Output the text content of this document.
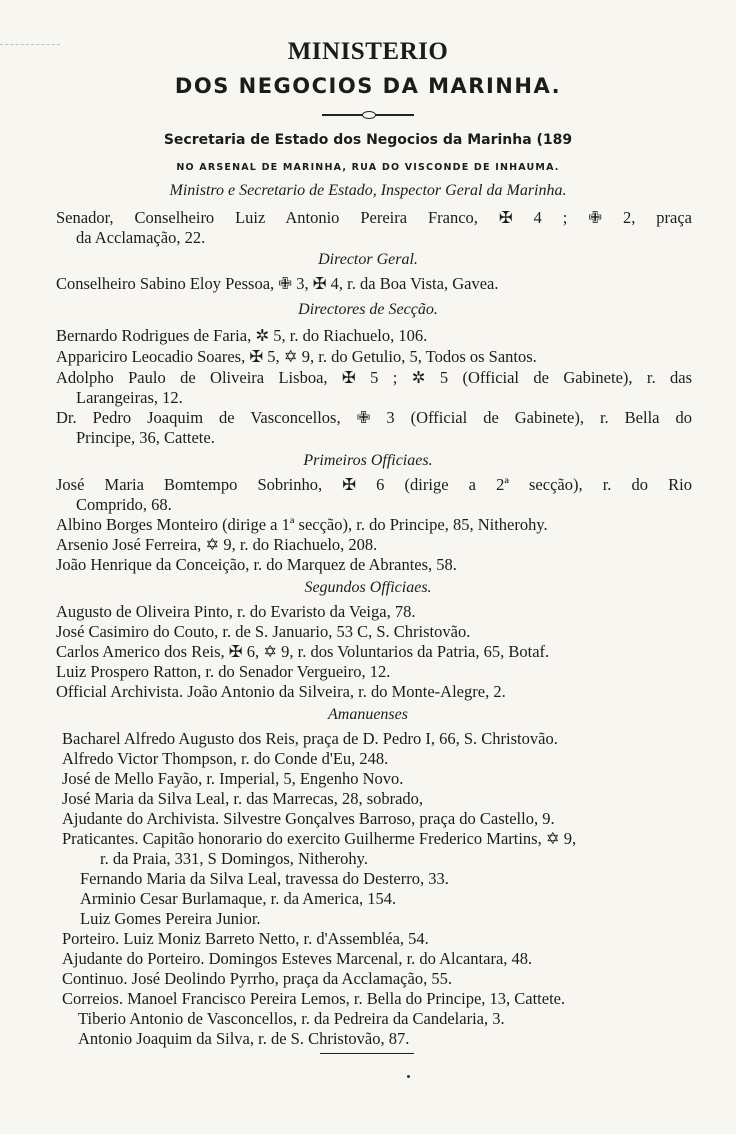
MINISTERIO
DOS NEGOCIOS DA MARINHA.
Secretaria de Estado dos Negocios da Marinha (189
NO ARSENAL DE MARINHA, RUA DO VISCONDE DE INHAUMA.
Ministro e Secretario de Estado, Inspector Geral da Marinha.
Senador, Conselheiro Luiz Antonio Pereira Franco, ✠ 4 ; ✙ 2, praça
da Acclamação, 22.
Director Geral.
Conselheiro Sabino Eloy Pessoa, ✙ 3, ✠ 4, r. da Boa Vista, Gavea.
Directores de Secção.
Bernardo Rodrigues de Faria, ✲ 5, r. do Riachuelo, 106.
Appariciro Leocadio Soares, ✠ 5, ✡ 9, r. do Getulio, 5, Todos os Santos.
Adolpho Paulo de Oliveira Lisboa, ✠ 5 ; ✲ 5 (Official de Gabinete), r. das
Larangeiras, 12.
Dr. Pedro Joaquim de Vasconcellos, ✙ 3 (Official de Gabinete), r. Bella do
Principe, 36, Cattete.
Primeiros Officiaes.
José Maria Bomtempo Sobrinho, ✠ 6 (dirige a 2ª secção), r. do Rio
Comprido, 68.
Albino Borges Monteiro (dirige a 1ª secção), r. do Principe, 85, Nitherohy.
Arsenio José Ferreira, ✡ 9, r. do Riachuelo, 208.
João Henrique da Conceição, r. do Marquez de Abrantes, 58.
Segundos Officiaes.
Augusto de Oliveira Pinto, r. do Evaristo da Veiga, 78.
José Casimiro do Couto, r. de S. Januario, 53 C, S. Christovão.
Carlos Americo dos Reis, ✠ 6, ✡ 9, r. dos Voluntarios da Patria, 65, Botaf.
Luiz Prospero Ratton, r. do Senador Vergueiro, 12.
Official Archivista. João Antonio da Silveira, r. do Monte-Alegre, 2.
Amanuenses
Bacharel Alfredo Augusto dos Reis, praça de D. Pedro I, 66, S. Christovão.
Alfredo Victor Thompson, r. do Conde d'Eu, 248.
José de Mello Fayão, r. Imperial, 5, Engenho Novo.
José Maria da Silva Leal, r. das Marrecas, 28, sobrado,
Ajudante do Archivista. Silvestre Gonçalves Barroso, praça do Castello, 9.
Praticantes. Capitão honorario do exercito Guilherme Frederico Martins, ✡ 9,
r. da Praia, 331, S Domingos, Nitherohy.
Fernando Maria da Silva Leal, travessa do Desterro, 33.
Arminio Cesar Burlamaque, r. da America, 154.
Luiz Gomes Pereira Junior.
Porteiro. Luiz Moniz Barreto Netto, r. d'Assembléa, 54.
Ajudante do Porteiro. Domingos Esteves Marcenal, r. do Alcantara, 48.
Continuo. José Deolindo Pyrrho, praça da Acclamação, 55.
Correios. Manoel Francisco Pereira Lemos, r. Bella do Principe, 13, Cattete.
Tiberio Antonio de Vasconcellos, r. da Pedreira da Candelaria, 3.
Antonio Joaquim da Silva, r. de S. Christovão, 87.
